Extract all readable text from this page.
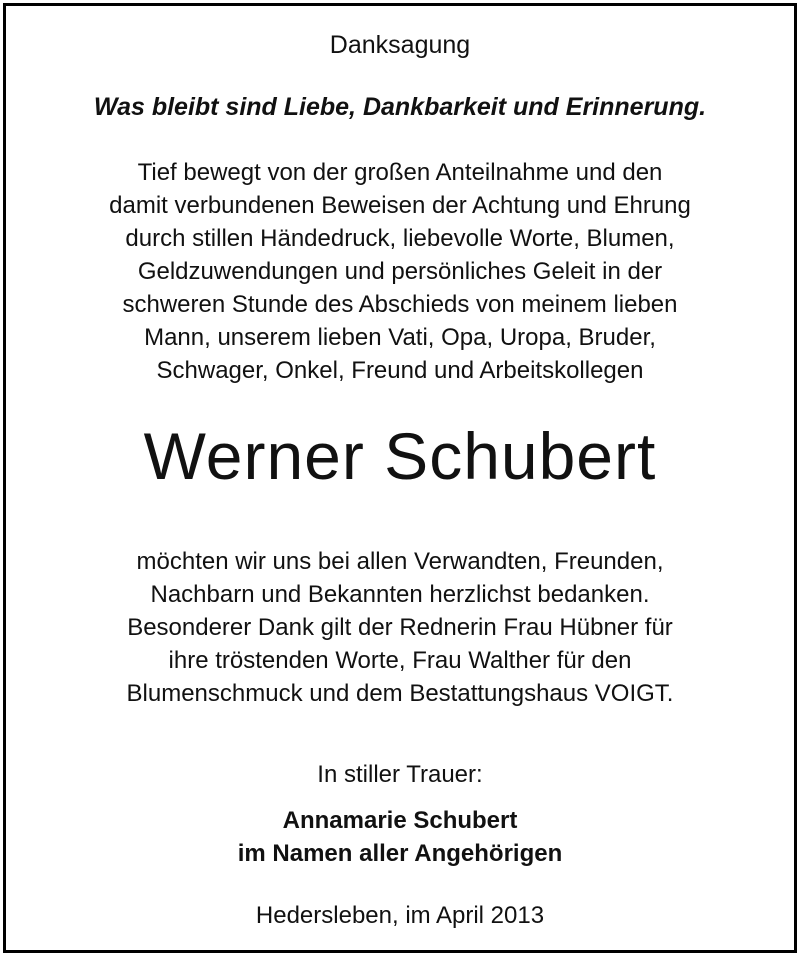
Danksagung
Was bleibt sind Liebe, Dankbarkeit und Erinnerung.
Tief bewegt von der großen Anteilnahme und den
damit verbundenen Beweisen der Achtung und Ehrung
durch stillen Händedruck, liebevolle Worte, Blumen,
Geldzuwendungen und persönliches Geleit in der
schweren Stunde des Abschieds von meinem lieben
Mann, unserem lieben Vati, Opa, Uropa, Bruder,
Schwager, Onkel, Freund und Arbeitskollegen
Werner Schubert
möchten wir uns bei allen Verwandten, Freunden,
Nachbarn und Bekannten herzlichst bedanken.
Besonderer Dank gilt der Rednerin Frau Hübner für
ihre tröstenden Worte, Frau Walther für den
Blumenschmuck und dem Bestattungshaus VOIGT.
In stiller Trauer:
Annamarie Schubert
im Namen aller Angehörigen
Hedersleben, im April 2013
